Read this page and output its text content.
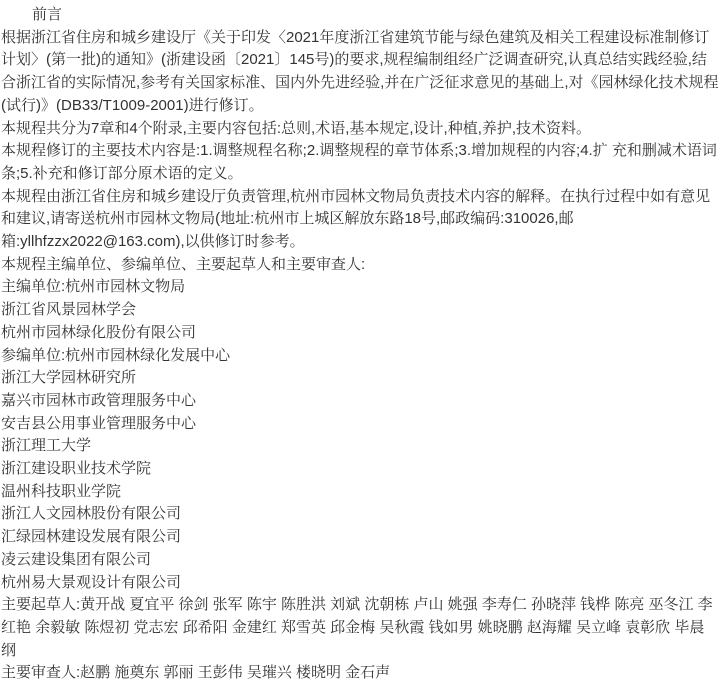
前言

根据浙江省住房和城乡建设厅《关于印发〈2021年度浙江省建筑节能与绿色建筑及相关工程建设标准制修订计划〉(第一批)的通知》(浙建设函〔2021〕145号)的要求,规程编制组经广泛调查研究,认真总结实践经验,结合浙江省的实际情况,参考有关国家标准、国内外先进经验,并在广泛征求意见的基础上,对《园林绿化技术规程(试行)》(DB33/T1009-2001)进行修订。

本规程共分为7章和4个附录,主要内容包括:总则,术语,基本规定,设计,种植,养护,技术资料。

本规程修订的主要技术内容是:1.调整规程名称;2.调整规程的章节体系;3.增加规程的内容;4.扩 充和删减术语词条;5.补充和修订部分原术语的定义。

本规程由浙江省住房和城乡建设厅负责管理,杭州市园林文物局负责技术内容的解释。在执行过程中如有意见和建议,请寄送杭州市园林文物局(地址:杭州市上城区解放东路18号,邮政编码:310026,邮箱:yllhfzzx2022@163.com),以供修订时参考。

本规程主编单位、参编单位、主要起草人和主要审查人:

主编单位:杭州市园林文物局

浙江省风景园林学会

杭州市园林绿化股份有限公司

参编单位:杭州市园林绿化发展中心

浙江大学园林研究所

嘉兴市园林市政管理服务中心

安吉县公用事业管理服务中心

浙江理工大学

浙江建设职业技术学院

温州科技职业学院

浙江人文园林股份有限公司

汇绿园林建设发展有限公司

凌云建设集团有限公司

杭州易大景观设计有限公司

主要起草人:黄开战 夏宜平 徐剑 张军 陈宇 陈胜洪 刘斌 沈朝栋 卢山 姚强 李寿仁 孙晓萍 钱桦 陈亮 巫冬江 李红艳 余毅敏 陈煜初 党志宏 邱希阳 金建红 郑雪英 邱金梅 吴秋霞 钱如男 姚晓鹏 赵海耀 吴立峰 袁彰欣 毕晨纲

主要审查人:赵鹏 施奠东 郭丽 王彭伟 吴璀兴 楼晓明 金石声
